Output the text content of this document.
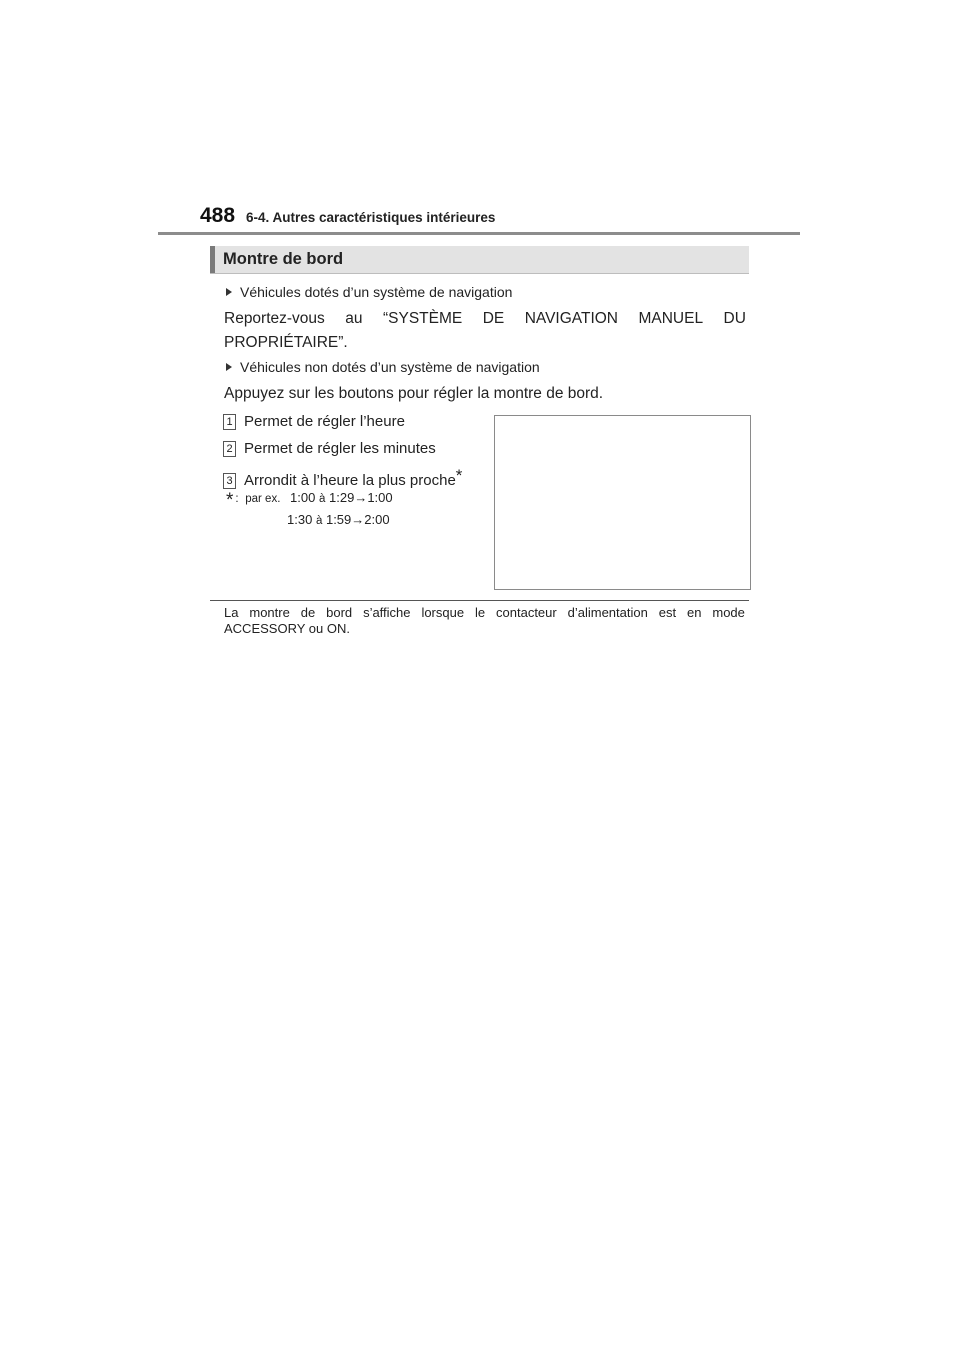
488 6-4. Autres caractéristiques intérieures
Montre de bord
Véhicules dotés d’un système de navigation
Reportez-vous au “SYSTÈME DE NAVIGATION MANUEL DU
PROPRIÉTAIRE”.
Véhicules non dotés d’un système de navigation
Appuyez sur les boutons pour régler la montre de bord.
1 Permet de régler l’heure
2 Permet de régler les minutes
3 Arrondit à l’heure la plus proche*
* : par ex. 1:00 à 1:29→1:00
1:30 à 1:59→2:00
La montre de bord s’affiche lorsque le contacteur d’alimentation est en mode
ACCESSORY ou ON.
